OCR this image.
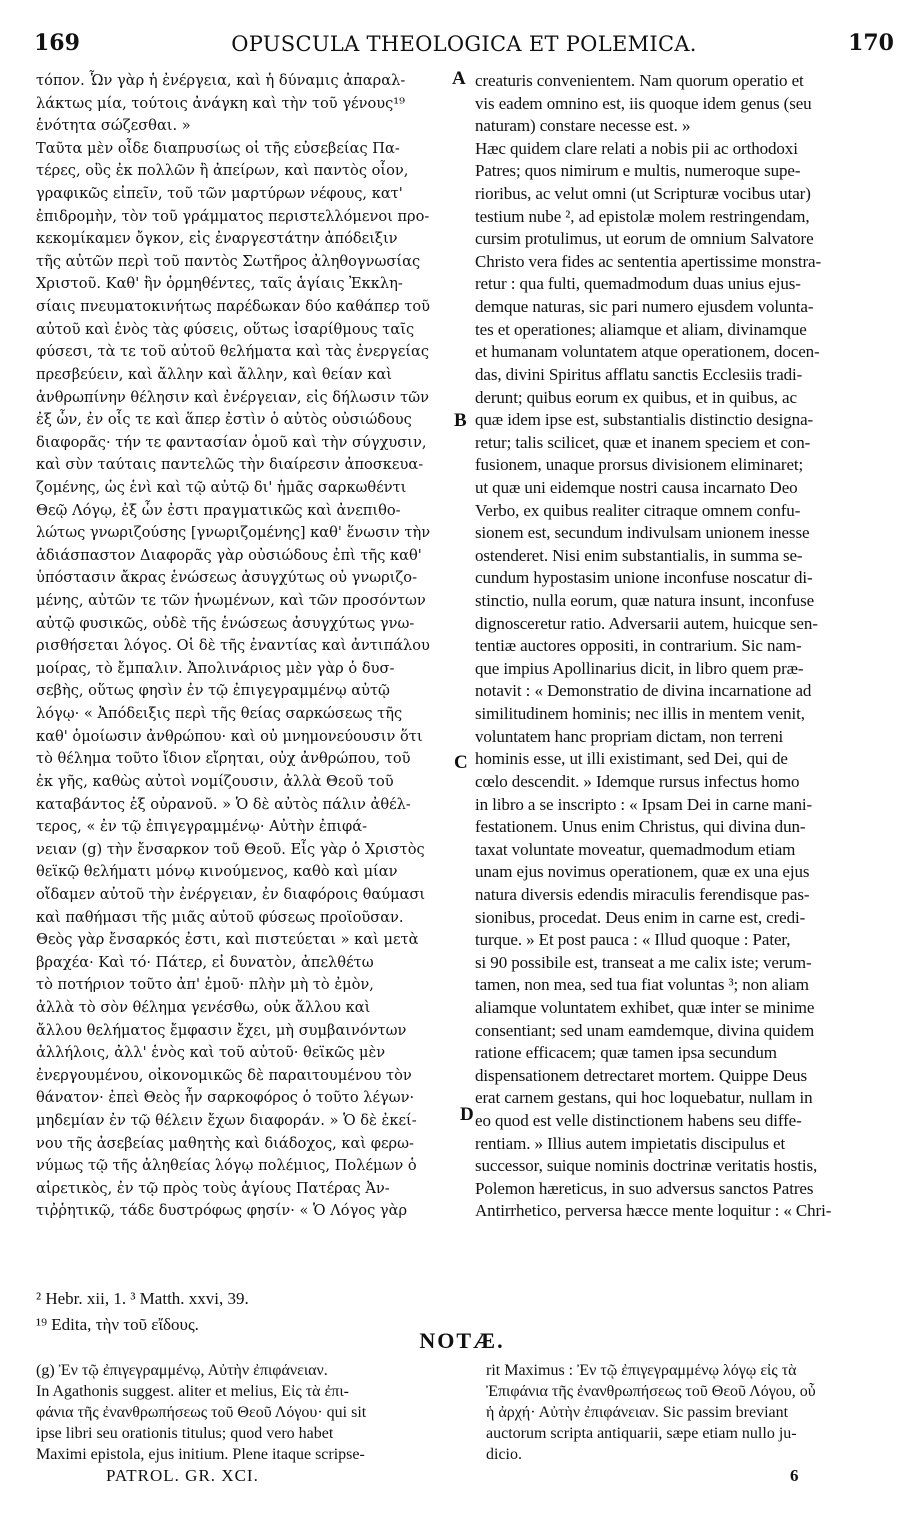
169	OPUSCULA THEOLOGICA ET POLEMICA.	170
τόπον. Ὧν γὰρ ἡ ἐνέργεια, καὶ ἡ δύναμις ἀπαραλ-
λάκτως μία, τούτοις ἀνάγκη καὶ τὴν τοῦ γένους¹⁹
ἑνότητα σώζεσθαι. »
Ταῦτα μὲν οἶδε διαπρυσίως οἱ τῆς εὐσεβείας Πα-
τέρες, οὓς ἐκ πολλῶν ἢ ἀπείρων, καὶ παντὸς οἷον,
γραφικῶς εἰπεῖν, τοῦ τῶν μαρτύρων νέφους, κατ'
ἐπιδρομὴν, τὸν τοῦ γράμματος περιστελλόμενοι προ-
κεκομίκαμεν ὄγκον, εἰς ἐναργεστάτην ἀπόδειξιν
τῆς αὐτῶν περὶ τοῦ παντὸς Σωτῆρος ἀληθογνωσίας
Χριστοῦ. Καθ' ἣν ὁρμηθέντες, ταῖς ἁγίαις Ἐκκλη-
σίαις πνευματοκινήτως παρέδωκαν δύο καθάπερ τοῦ
αὐτοῦ καὶ ἑνὸς τὰς φύσεις, οὕτως ἰσαρίθμους ταῖς
φύσεσι, τὰ τε τοῦ αὐτοῦ θελήματα καὶ τὰς ἐνεργείας
πρεσβεύειν, καὶ ἄλλην καὶ ἄλλην, καὶ θείαν καὶ
ἀνθρωπίνην θέλησιν καὶ ἐνέργειαν, εἰς δήλωσιν τῶν
ἐξ ὧν, ἐν οἷς τε καὶ ἅπερ ἐστὶν ὁ αὐτὸς οὐσιώδους
διαφορᾶς· τήν τε φαντασίαν ὁμοῦ καὶ τὴν σύγχυσιν,
καὶ σὺν ταύταις παντελῶς τὴν διαίρεσιν ἀποσκευα-
ζομένης, ὡς ἑνὶ καὶ τῷ αὐτῷ δι' ἡμᾶς σαρκωθέντι
Θεῷ Λόγῳ, ἐξ ὧν ἐστι πραγματικῶς καὶ ἀνεπιθο-
λώτως γνωριζούσης [γνωριζομένης] καθ' ἕνωσιν τὴν
ἀδιάσπαστον Διαφορᾶς γὰρ οὐσιώδους ἐπὶ τῆς καθ'
ὑπόστασιν ἄκρας ἑνώσεως ἀσυγχύτως οὐ γνωριζο-
μένης, αὐτῶν τε τῶν ἡνωμένων, καὶ τῶν προσόντων
αὐτῷ φυσικῶς, οὐδὲ τῆς ἑνώσεως ἀσυγχύτως γνω-
ρισθήσεται λόγος. Οἱ δὲ τῆς ἐναντίας καὶ ἀντιπάλου
μοίρας, τὸ ἔμπαλιν. Ἀπολινάριος μὲν γὰρ ὁ δυσ-
σεβὴς, οὕτως φησὶν ἐν τῷ ἐπιγεγραμμένῳ αὐτῷ
λόγῳ· « Ἀπόδειξις περὶ τῆς θείας σαρκώσεως τῆς
καθ' ὁμοίωσιν ἀνθρώπου· καὶ οὐ μνημονεύουσιν ὅτι
τὸ θέλημα τοῦτο ἴδιον εἴρηται, οὐχ ἀνθρώπου, τοῦ
ἐκ γῆς, καθὼς αὐτοὶ νομίζουσιν, ἀλλὰ Θεοῦ τοῦ
καταβάντος ἐξ οὐρανοῦ. » Ὁ δὲ αὐτὸς πάλιν ἀθέλ-
τερος, « ἐν τῷ ἐπιγεγραμμένῳ· Αὐτὴν ἐπιφά-
νειαν (g) τὴν ἔνσαρκον τοῦ Θεοῦ. Εἷς γὰρ ὁ Χριστὸς
θεϊκῷ θελήματι μόνῳ κινούμενος, καθὸ καὶ μίαν
οἴδαμεν αὐτοῦ τὴν ἐνέργειαν, ἐν διαφόροις θαύμασι
καὶ παθήμασι τῆς μιᾶς αὐτοῦ φύσεως προϊοῦσαν.
Θεὸς γὰρ ἔνσαρκός ἐστι, καὶ πιστεύεται » καὶ μετὰ
βραχέα· Καὶ τό· Πάτερ, εἰ δυνατὸν, ἀπελθέτω
τὸ ποτήριον τοῦτο ἀπ' ἐμοῦ· πλὴν μὴ τὸ ἐμὸν,
ἀλλὰ τὸ σὸν θέλημα γενέσθω, οὐκ ἄλλου καὶ
ἄλλου θελήματος ἔμφασιν ἔχει, μὴ συμβαινόντων
ἀλλήλοις, ἀλλ' ἑνὸς καὶ τοῦ αὐτοῦ· θεϊκῶς μὲν
ἐνεργουμένου, οἰκονομικῶς δὲ παραιτουμένου τὸν
θάνατον· ἐπεὶ Θεὸς ἦν σαρκοφόρος ὁ τοῦτο λέγων·
μηδεμίαν ἐν τῷ θέλειν ἔχων διαφοράν. » Ὁ δὲ ἐκεί-
νου τῆς ἀσεβείας μαθητὴς καὶ διάδοχος, καὶ φερω-
νύμως τῷ τῆς ἀληθείας λόγῳ πολέμιος, Πολέμων ὁ
αἱρετικὸς, ἐν τῷ πρὸς τοὺς ἁγίους Πατέρας Ἀν-
τιῤῥητικῷ, τάδε δυστρόφως φησίν· « Ὁ Λόγος γὰρ
creaturis convenientem. Nam quorum operatio et
vis eadem omnino est, iis quoque idem genus (seu
naturam) constare necesse est. »
Hæc quidem clare relati a nobis pii ac orthodoxi
Patres; quos nimirum e multis, numeroque supe-
rioribus, ac velut omni (ut Scripturæ vocibus utar)
testium nube ², ad epistolæ molem restringendam,
cursim protulimus, ut eorum de omnium Salvatore
Christo vera fides ac sententia apertissime monstra-
retur : qua fulti, quemadmodum duas unius ejus-
demque naturas, sic pari numero ejusdem volunta-
tes et operationes; aliamque et aliam, divinamque
et humanam voluntatem atque operationem, docen-
das, divini Spiritus afflatu sanctis Ecclesiis tradi-
derunt; quibus eorum ex quibus, et in quibus, ac
quæ idem ipse est, substantialis distinctio designa-
retur; talis scilicet, quæ et inanem speciem et con-
fusionem, unaque prorsus divisionem eliminaret;
ut quæ uni eidemque nostri causa incarnato Deo
Verbo, ex quibus realiter citraque omnem confu-
sionem est, secundum indivulsam unionem inesse
ostenderet. Nisi enim substantialis, in summa se-
cundum hypostasim unione inconfuse noscatur di-
stinctio, nulla eorum, quæ natura insunt, inconfuse
dignosceretur ratio. Adversarii autem, huicque sen-
tentiæ auctores oppositi, in contrarium. Sic nam-
que impius Apollinarius dicit, in libro quem præ-
notavit : « Demonstratio de divina incarnatione ad
similitudinem hominis; nec illis in mentem venit,
voluntatem hanc propriam dictam, non terreni
hominis esse, ut illi existimant, sed Dei, qui de
cœlo descendit. » Idemque rursus infectus homo
in libro a se inscripto : « Ipsam Dei in carne mani-
festationem. Unus enim Christus, qui divina dun-
taxat voluntate moveatur, quemadmodum etiam
unam ejus novimus operationem, quæ ex una ejus
natura diversis edendis miraculis ferendisque pas-
sionibus, procedat. Deus enim in carne est, credi-
turque. » Et post pauca : « Illud quoque : Pater,
si 90 possibile est, transeat a me calix iste; verum-
tamen, non mea, sed tua fiat voluntas ³; non aliam
aliamque voluntatem exhibet, quæ inter se minime
consentiant; sed unam eamdemque, divina quidem
ratione efficacem; quæ tamen ipsa secundum
dispensationem detrectaret mortem. Quippe Deus
erat carnem gestans, qui hoc loquebatur, nullam in
eo quod est velle distinctionem habens seu diffe-
rentiam. » Illius autem impietatis discipulus et
successor, suique nominis doctrinæ veritatis hostis,
Polemon hæreticus, in suo adversus sanctos Patres
Antirrhetico, perversa hæcce mente loquitur : « Chri-
A
B
C
D
² Hebr. xii, 1. ³ Matth. xxvi, 39.
¹⁹ Edita, τὴν τοῦ εἴδους.
NOTÆ.
(g) Ἐν τῷ ἐπιγεγραμμένῳ, Αὐτὴν ἐπιφάνειαν.
In Agathonis suggest. aliter et melius, Εἰς τὰ ἐπι-
φάνια τῆς ἐνανθρωπήσεως τοῦ Θεοῦ Λόγου· qui sit
ipse libri seu orationis titulus; quod vero habet
Maximi epistola, ejus initium. Plene itaque scripse-
rit Maximus : Ἐν τῷ ἐπιγεγραμμένῳ λόγῳ εἰς τὰ
Ἐπιφάνια τῆς ἐνανθρωπήσεως τοῦ Θεοῦ Λόγου, οὗ
ἡ ἀρχή· Αὐτὴν ἐπιφάνειαν. Sic passim breviant
auctorum scripta antiquarii, sæpe etiam nullo ju-
dicio.
PATROL. GR. XCI.	6
